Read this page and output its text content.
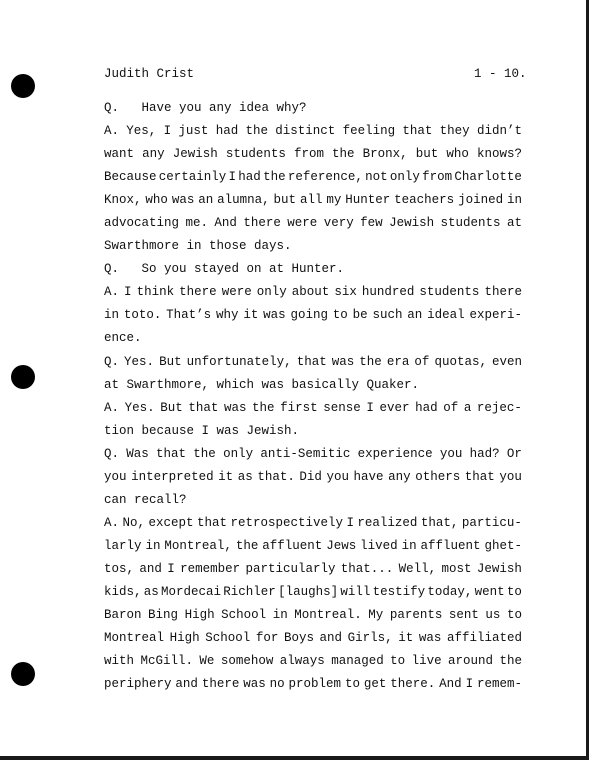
Judith Crist	1 - 10.
Q.   Have you any idea why?
A. Yes, I just had the distinct feeling that they didn’t
want any Jewish students from the Bronx, but who knows?
Because certainly I had the reference, not only from Charlotte
Knox, who was an alumna, but all my Hunter teachers joined in
advocating me. And there were very few Jewish students at
Swarthmore in those days.
Q.   So you stayed on at Hunter.
A. I think there were only about six hundred students there
in toto. That’s why it was going to be such an ideal experi-
ence.
Q. Yes. But unfortunately, that was the era of quotas, even
at Swarthmore, which was basically Quaker.
A. Yes. But that was the first sense I ever had of a rejec-
tion because I was Jewish.
Q. Was that the only anti-Semitic experience you had? Or
you interpreted it as that. Did you have any others that you
can recall?
A. No, except that retrospectively I realized that, particu-
larly in Montreal, the affluent Jews lived in affluent ghet-
tos, and I remember particularly that... Well, most Jewish
kids, as Mordecai Richler [laughs] will testify today, went to
Baron Bing High School in Montreal. My parents sent us to
Montreal High School for Boys and Girls, it was affiliated
with McGill. We somehow always managed to live around the
periphery and there was no problem to get there. And I remem-
